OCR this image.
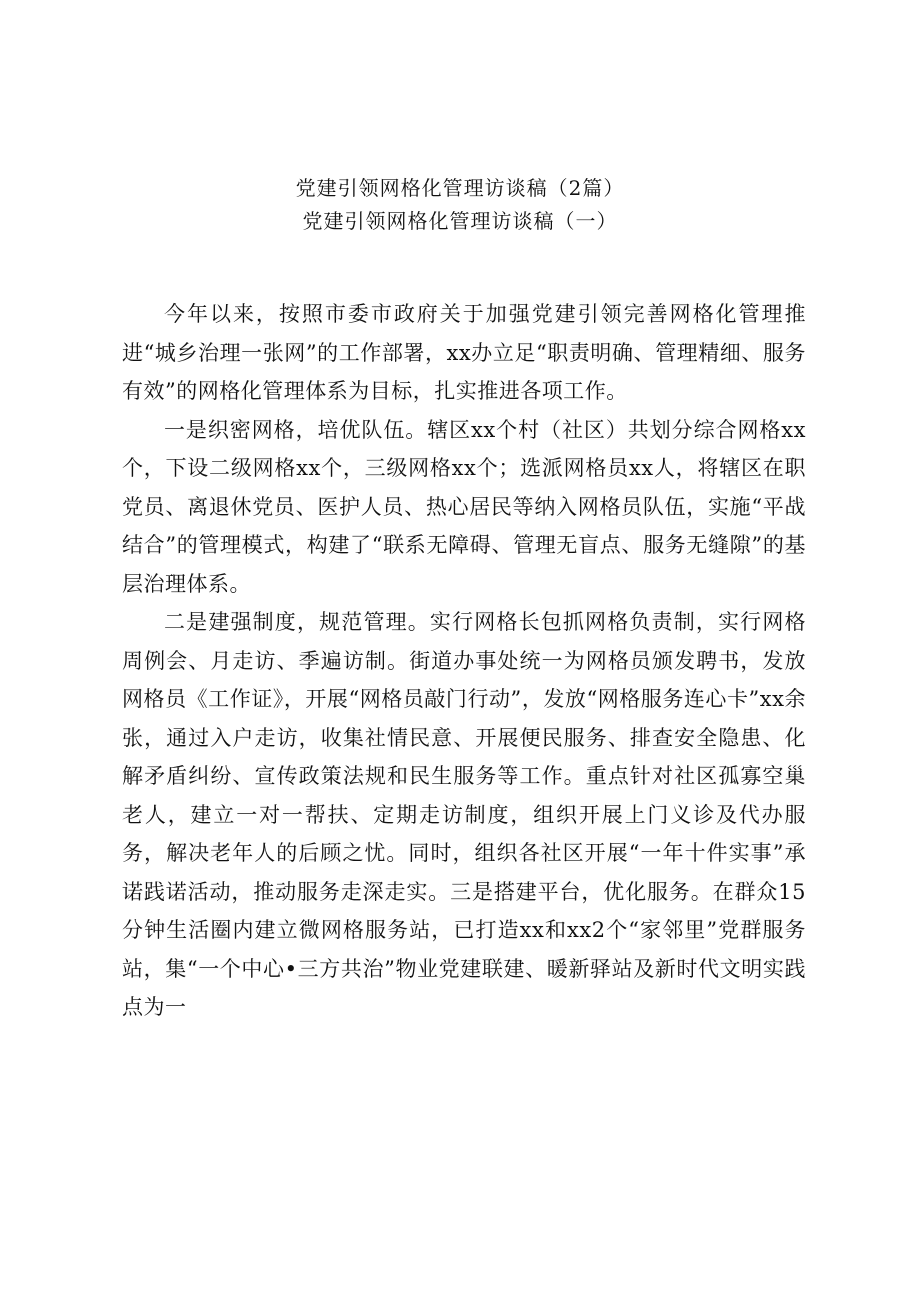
党建引领网格化管理访谈稿（2篇）
党建引领网格化管理访谈稿（一）

今年以来，按照市委市政府关于加强党建引领完善网格化管理推进“城乡治理一张网”的工作部署，xx办立足“职责明确、管理精细、服务有效”的网格化管理体系为目标，扎实推进各项工作。

一是织密网格，培优队伍。辖区xx个村（社区）共划分综合网格xx个，下设二级网格xx个，三级网格xx个；选派网格员xx人，将辖区在职党员、离退休党员、医护人员、热心居民等纳入网格员队伍，实施“平战结合”的管理模式，构建了“联系无障碍、管理无盲点、服务无缝隙”的基层治理体系。

二是建强制度，规范管理。实行网格长包抓网格负责制，实行网格周例会、月走访、季遍访制。街道办事处统一为网格员颁发聘书，发放网格员《工作证》，开展“网格员敲门行动”，发放“网格服务连心卡”xx余张，通过入户走访，收集社情民意、开展便民服务、排查安全隐患、化解矛盾纠纷、宣传政策法规和民生服务等工作。重点针对社区孤寡空巢老人，建立一对一帮扶、定期走访制度，组织开展上门义诊及代办服务，解决老年人的后顾之忧。同时，组织各社区开展“一年十件实事”承诺践诺活动，推动服务走深走实。三是搭建平台，优化服务。在群众15分钟生活圈内建立微网格服务站，已打造xx和xx2个“家邻里”党群服务站，集“一个中心•三方共治”物业党建联建、暖新驿站及新时代文明实践点为一
